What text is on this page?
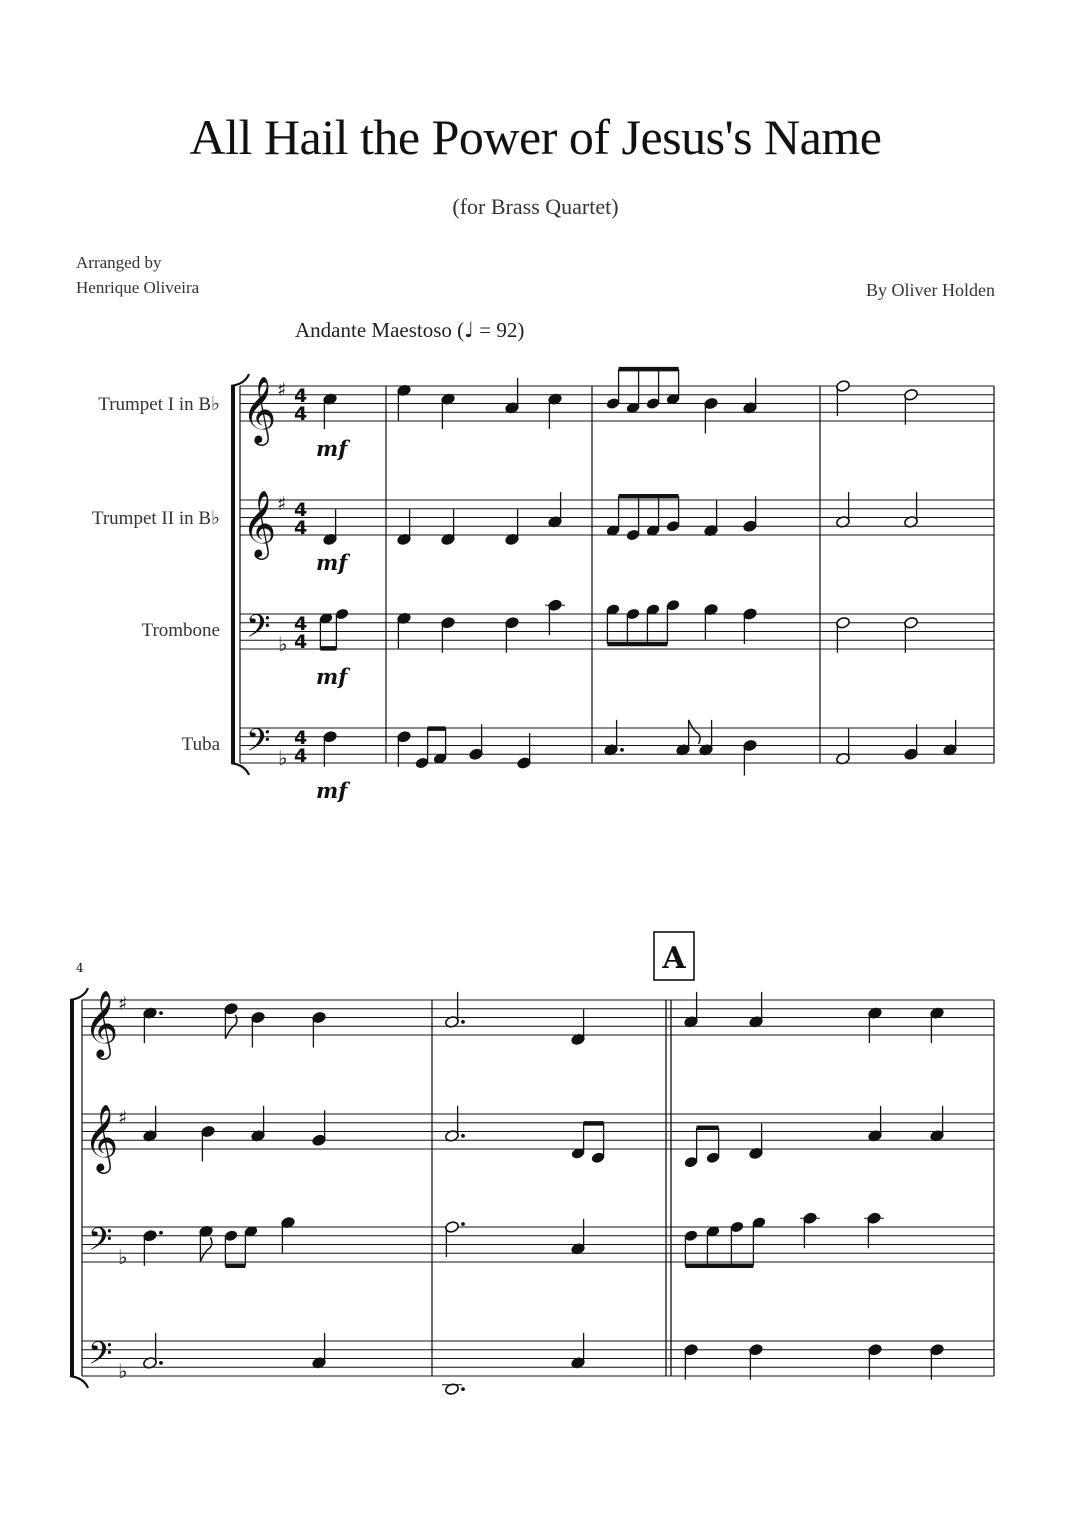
All Hail the Power of Jesus's Name
(for Brass Quartet)
Arranged by
Henrique Oliveira	By Oliver Holden
Andante Maestoso (♩ = 92)
Trumpet I in B♭
Trumpet II in B♭
Trombone
Tuba
𝄞 ♯ 4
4
𝄞 ♯ 4
4
𝄢 ♭
4
4
𝄢 ♭
4
4
mf
mf
mf
mf
𝄞 ♯
𝄞 ♯
𝄢 ♭
𝄢 ♭
4	A
